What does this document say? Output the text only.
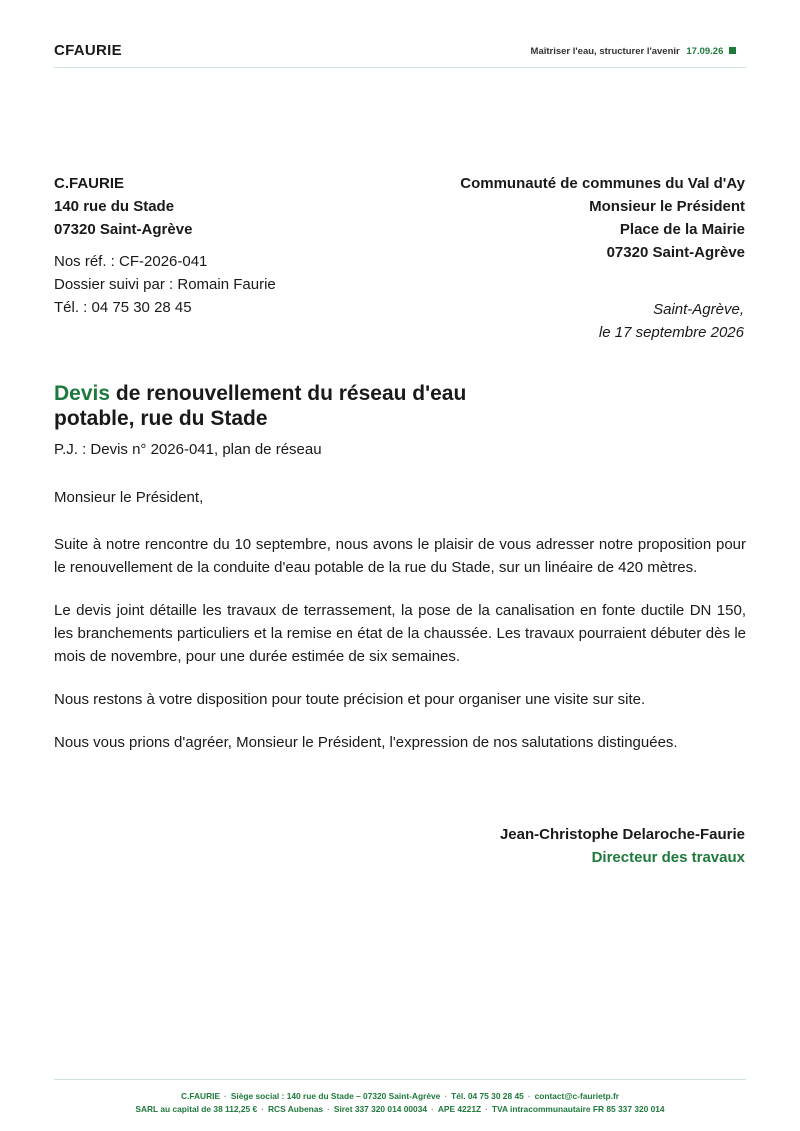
CFAURIE	Maîtriser l'eau, structurer l'avenir 17.09.26
C.FAURIE
140 rue du Stade
07320 Saint-Agrève
Nos réf. : CF-2026-041
Dossier suivi par : Romain Faurie
Tél. : 04 75 30 28 45
Communauté de communes du Val d'Ay
Monsieur le Président
Place de la Mairie
07320 Saint-Agrève
Saint-Agrève,
le 17 septembre 2026
Devis de renouvellement du réseau d'eau potable, rue du Stade
P.J. : Devis n° 2026-041, plan de réseau

Monsieur le Président,

Suite à notre rencontre du 10 septembre, nous avons le plaisir de vous adresser notre proposition pour le renouvellement de la conduite d'eau potable de la rue du Stade, sur un linéaire de 420 mètres.

Le devis joint détaille les travaux de terrassement, la pose de la canalisation en fonte ductile DN 150, les branchements particuliers et la remise en état de la chaussée. Les travaux pourraient débuter dès le mois de novembre, pour une durée estimée de six semaines.

Nous restons à votre disposition pour toute précision et pour organiser une visite sur site.

Nous vous prions d'agréer, Monsieur le Président, l'expression de nos salutations distinguées.

Jean-Christophe Delaroche-Faurie
Directeur des travaux
C.FAURIE · Siège social : 140 rue du Stade – 07320 Saint-Agrève · Tél. 04 75 30 28 45 · contact@c-faurietp.fr
SARL au capital de 38 112,25 € · RCS Aubenas · Siret 337 320 014 00034 · APE 4221Z · TVA intracommunautaire FR 85 337 320 014
